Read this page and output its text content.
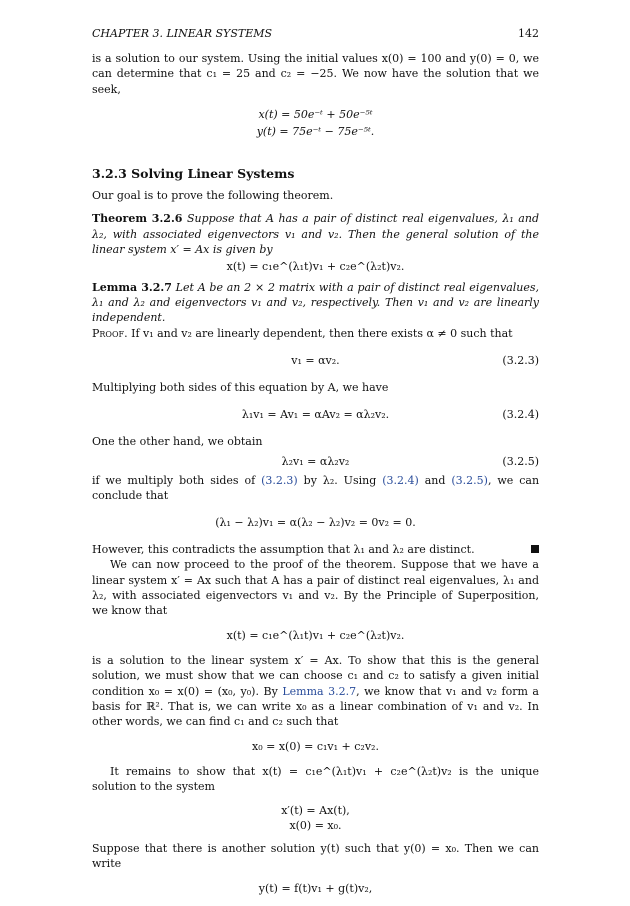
CHAPTER 3. LINEAR SYSTEMS	142

is a solution to our system. Using the initial values x(0) = 100 and y(0) = 0, we can determine that c₁ = 25 and c₂ = −25. We now have the solution that we seek,

x(t) = 50e⁻ᵗ + 50e⁻⁵ᵗ
y(t) = 75e⁻ᵗ − 75e⁻⁵ᵗ.
3.2.3 Solving Linear Systems

Our goal is to prove the following theorem.

Theorem 3.2.6 Suppose that A has a pair of distinct real eigenvalues, λ₁ and λ₂, with associated eigenvectors v₁ and v₂. Then the general solution of the linear system x′ = Ax is given by

x(t) = c₁e^(λ₁t)v₁ + c₂e^(λ₂t)v₂.

Lemma 3.2.7 Let A be an 2 × 2 matrix with a pair of distinct real eigenvalues, λ₁ and λ₂ and eigenvectors v₁ and v₂, respectively. Then v₁ and v₂ are linearly independent.

Proof. If v₁ and v₂ are linearly dependent, then there exists α ≠ 0 such that

v₁ = αv₂.	(3.2.3)

Multiplying both sides of this equation by A, we have

λ₁v₁ = Av₁ = αAv₂ = αλ₂v₂.	(3.2.4)

One the other hand, we obtain

λ₂v₁ = αλ₂v₂	(3.2.5)

if we multiply both sides of (3.2.3) by λ₂. Using (3.2.4) and (3.2.5), we can conclude that

(λ₁ − λ₂)v₁ = α(λ₂ − λ₂)v₂ = 0v₂ = 0.

However, this contradicts the assumption that λ₁ and λ₂ are distinct.

We can now proceed to the proof of the theorem. Suppose that we have a linear system x′ = Ax such that A has a pair of distinct real eigenvalues, λ₁ and λ₂, with associated eigenvectors v₁ and v₂. By the Principle of Superposition, we know that

x(t) = c₁e^(λ₁t)v₁ + c₂e^(λ₂t)v₂.

is a solution to the linear system x′ = Ax. To show that this is the general solution, we must show that we can choose c₁ and c₂ to satisfy a given initial condition x₀ = x(0) = (x₀, y₀). By Lemma 3.2.7, we know that v₁ and v₂ form a basis for ℝ². That is, we can write x₀ as a linear combination of v₁ and v₂. In other words, we can find c₁ and c₂ such that

x₀ = x(0) = c₁v₁ + c₂v₂.

It remains to show that x(t) = c₁e^(λ₁t)v₁ + c₂e^(λ₂t)v₂ is the unique solution to the system

x′(t) = Ax(t),
x(0) = x₀.

Suppose that there is another solution y(t) such that y(0) = x₀. Then we can write

y(t) = f(t)v₁ + g(t)v₂,
